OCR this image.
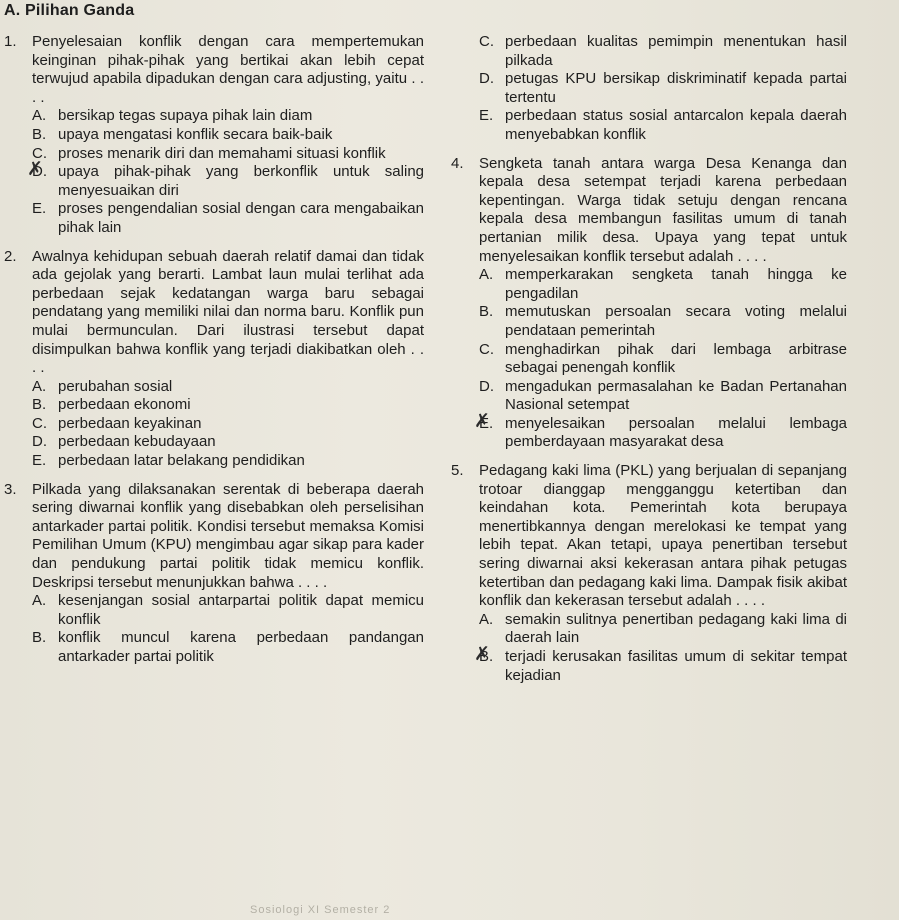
A. Pilihan Ganda
1. Penyelesaian konflik dengan cara mempertemukan keinginan pihak-pihak yang bertikai akan lebih cepat terwujud apabila dipadukan dengan cara adjusting, yaitu . . . .
A. bersikap tegas supaya pihak lain diam
B. upaya mengatasi konflik secara baik-baik
C. proses menarik diri dan memahami situasi konflik
D. ✗ upaya pihak-pihak yang berkonflik untuk saling menyesuaikan diri
E. proses pengendalian sosial dengan cara mengabaikan pihak lain
2. Awalnya kehidupan sebuah daerah relatif damai dan tidak ada gejolak yang berarti. Lambat laun mulai terlihat ada perbedaan sejak kedatangan warga baru sebagai pendatang yang memiliki nilai dan norma baru. Konflik pun mulai bermunculan. Dari ilustrasi tersebut dapat disimpulkan bahwa konflik yang terjadi diakibatkan oleh . . . .
A. perubahan sosial
B. perbedaan ekonomi
C. perbedaan keyakinan
D. perbedaan kebudayaan
E. perbedaan latar belakang pendidikan
3. Pilkada yang dilaksanakan serentak di beberapa daerah sering diwarnai konflik yang disebabkan oleh perselisihan antarkader partai politik. Kondisi tersebut memaksa Komisi Pemilihan Umum (KPU) mengimbau agar sikap para kader dan pendukung partai politik tidak memicu konflik. Deskripsi tersebut menunjukkan bahwa . . . .
A. kesenjangan sosial antarpartai politik dapat memicu konflik
B. konflik muncul karena perbedaan pandangan antarkader partai politik
C. perbedaan kualitas pemimpin menentukan hasil pilkada
D. petugas KPU bersikap diskriminatif kepada partai tertentu
E. perbedaan status sosial antarcalon kepala daerah menyebabkan konflik
4. Sengketa tanah antara warga Desa Kenanga dan kepala desa setempat terjadi karena perbedaan kepentingan. Warga tidak setuju dengan rencana kepala desa membangun fasilitas umum di tanah pertanian milik desa. Upaya yang tepat untuk menyelesaikan konflik tersebut adalah . . . .
A. memperkarakan sengketa tanah hingga ke pengadilan
B. memutuskan persoalan secara voting melalui pendataan pemerintah
C. menghadirkan pihak dari lembaga arbitrase sebagai penengah konflik
D. mengadukan permasalahan ke Badan Pertanahan Nasional setempat
E. ✗ menyelesaikan persoalan melalui lembaga pemberdayaan masyarakat desa
5. Pedagang kaki lima (PKL) yang berjualan di sepanjang trotoar dianggap mengganggu ketertiban dan keindahan kota. Pemerintah kota berupaya menertibkannya dengan merelokasi ke tempat yang lebih tepat. Akan tetapi, upaya penertiban tersebut sering diwarnai aksi kekerasan antara pihak petugas ketertiban dan pedagang kaki lima. Dampak fisik akibat konflik dan kekerasan tersebut adalah . . . .
A. semakin sulitnya penertiban pedagang kaki lima di daerah lain
B. ✗ terjadi kerusakan fasilitas umum di sekitar tempat kejadian
Sosiologi XI Semester 2
